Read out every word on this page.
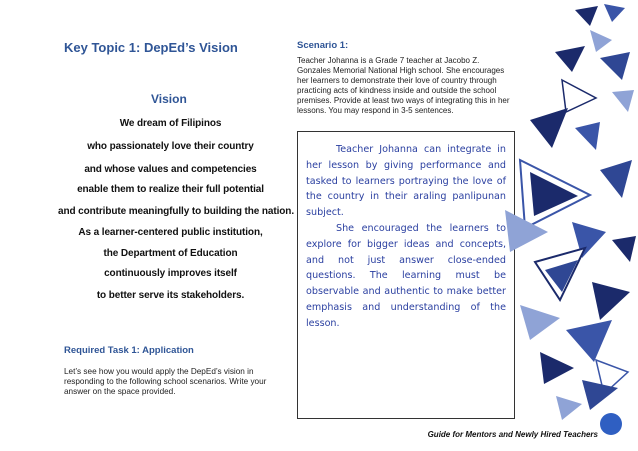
Key Topic 1: DepEd’s Vision
Vision
We dream of Filipinos
who passionately love their country
and whose values and competencies
enable them to realize their full potential
and contribute meaningfully to building the nation.
As a learner-centered public institution,
the Department of Education
continuously improves itself
to better serve its stakeholders.
Required Task 1: Application
Let’s see how you would apply the DepEd’s vision in responding to the following school scenarios. Write your answer on the space provided.
Scenario 1:
Teacher Johanna is a Grade 7 teacher at Jacobo Z. Gonzales Memorial National High school. She encourages her learners to demonstrate their love of country through practicing acts of kindness inside and outside the school premises. Provide at least two ways of integrating this in her lessons. You may respond in 3-5 sentences.

Teacher Johanna can integrate in her lesson by giving performance and tasked to learners portraying the love of the country in their araling panlipunan subject.

She encouraged the learners to explore for bigger ideas and concepts, and not just answer close-ended questions. The learning must be observable and authentic to make better emphasis and understanding of the lesson.

Guide for Mentors and Newly Hired Teachers
